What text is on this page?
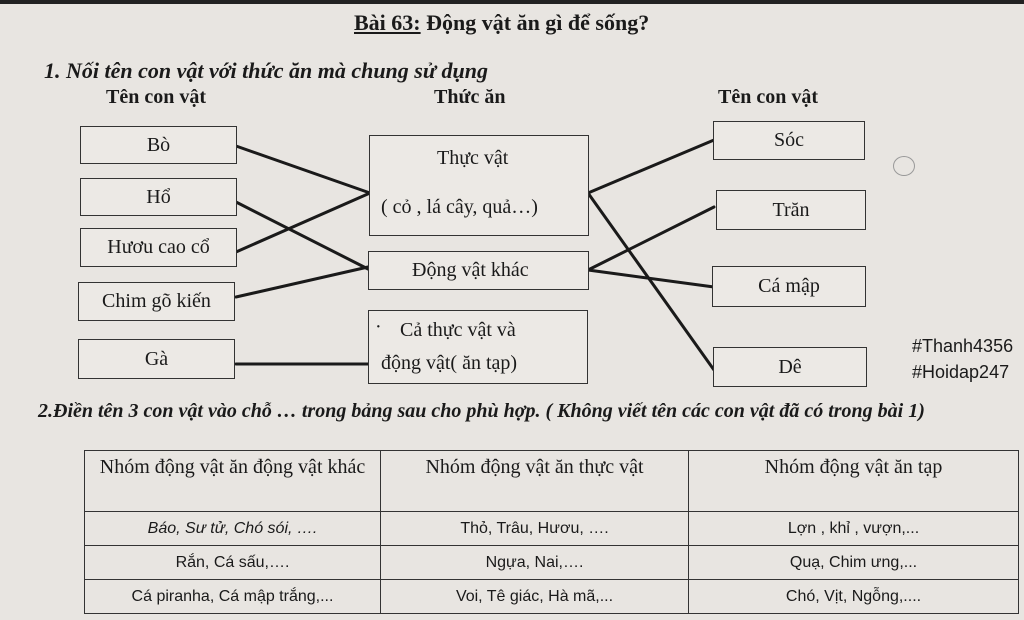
Bài 63: Động vật ăn gì để sống?
1. Nối tên con vật với thức ăn mà chung sử dụng
Tên con vật	Thức ăn	Tên con vật
Bò
Hổ
Hươu cao cổ
Chim gõ kiến
Gà
Thực vật
( cỏ , lá cây, quả…)
Động vật khác
· Cả thực vật và
động vật( ăn tạp)
Sóc
Trăn
Cá mập
Dê
#Thanh4356
#Hoidap247
2.Điền tên 3 con vật vào chỗ … trong bảng sau cho phù hợp. ( Không viết tên các con vật đã có trong bài 1)
Nhóm động vật ăn động vật khác	Nhóm động vật ăn thực vật	Nhóm động vật ăn tạp
Báo, Sư tử, Chó sói, ….	Thỏ, Trâu, Hươu, ….	Lợn , khỉ , vượn,...
Rắn, Cá sấu,….	Ngựa, Nai,….	Quạ, Chim ưng,...
Cá piranha, Cá mập trắng,...	Voi, Tê giác, Hà mã,...	Chó, Vịt, Ngỗng,....
